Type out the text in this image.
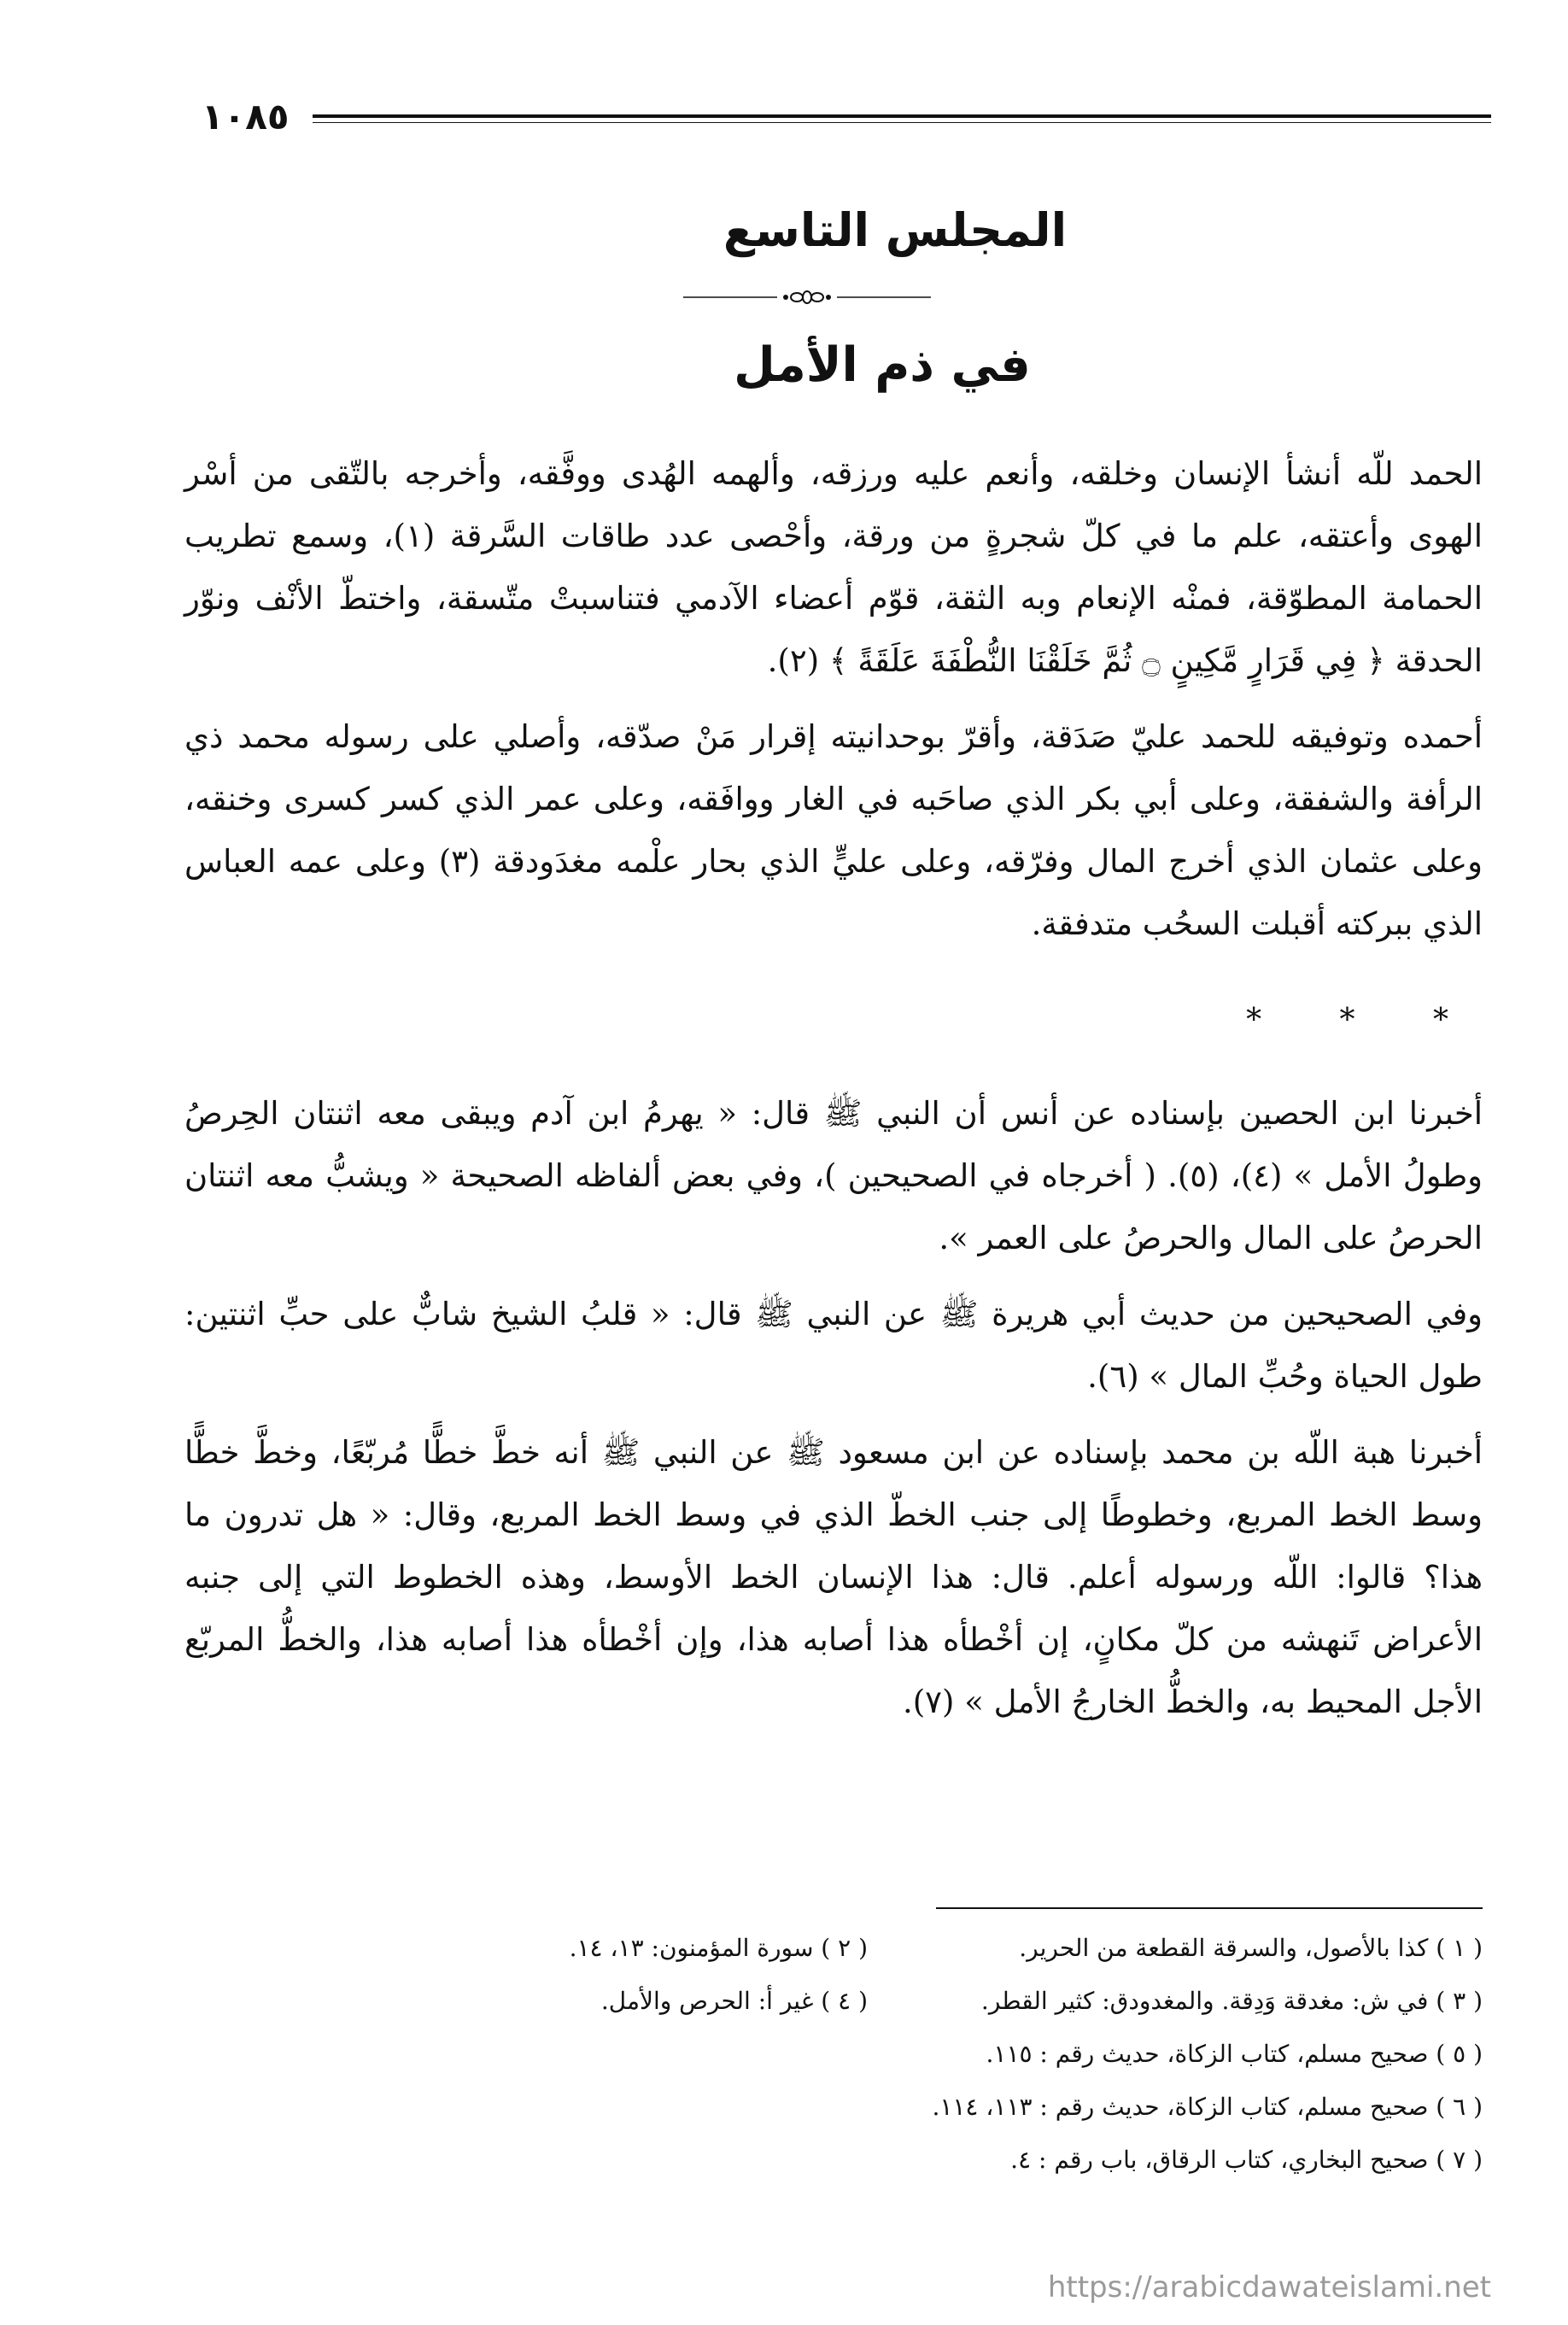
١٠٨٥
المجلس التاسع
في ذم الأمل

الحمد للّه أنشأ الإنسان وخلقه، وأنعم عليه ورزقه، وألهمه الهُدى ووفَّقه، وأخرجه بالتّقى من أسْر الهوى وأعتقه، علم ما في كلّ شجرةٍ من ورقة، وأحْصى عدد طاقات السَّرقة (١)، وسمع تطريب الحمامة المطوّقة، فمنْه الإنعام وبه الثقة، قوّم أعضاء الآدمي فتناسبتْ متّسقة، واختطّ الأنْف ونوّر الحدقة ﴿ فِي قَرَارٍ مَّكِينٍ ۝ ثُمَّ خَلَقْنَا النُّطْفَةَ عَلَقَةً ﴾ (٢).

أحمده وتوفيقه للحمد عليّ صَدَقة، وأقرّ بوحدانيته إقرار مَنْ صدّقه، وأصلي على رسوله محمد ذي الرأفة والشفقة، وعلى أبي بكر الذي صاحَبه في الغار ووافَقه، وعلى عمر الذي كسر كسرى وخنقه، وعلى عثمان الذي أخرج المال وفرّقه، وعلى عليٍّ الذي بحار علْمه مغدَودقة (٣) وعلى عمه العباس الذي ببركته أقبلت السحُب متدفقة.

* * *

أخبرنا ابن الحصين بإسناده عن أنس أن النبي ﷺ قال: « يهرمُ ابن آدم ويبقى معه اثنتان الحِرصُ وطولُ الأمل » (٤)، (٥). ( أخرجاه في الصحيحين )، وفي بعض ألفاظه الصحيحة « ويشبُّ معه اثنتان الحرصُ على المال والحرصُ على العمر ».

وفي الصحيحين من حديث أبي هريرة ﷺ عن النبي ﷺ قال: « قلبُ الشيخ شابٌّ على حبِّ اثنتين: طول الحياة وحُبِّ المال » (٦).

أخبرنا هبة اللّه بن محمد بإسناده عن ابن مسعود ﷺ عن النبي ﷺ أنه خطَّ خطًّا مُربّعًا، وخطَّ خطًّا وسط الخط المربع، وخطوطًا إلى جنب الخطّ الذي في وسط الخط المربع، وقال: « هل تدرون ما هذا؟ قالوا: اللّه ورسوله أعلم. قال: هذا الإنسان الخط الأوسط، وهذه الخطوط التي إلى جنبه الأعراض تَنهشه من كلّ مكانٍ، إن أخْطأه هذا أصابه هذا، وإن أخْطأه هذا أصابه هذا، والخطُّ المربّع الأجل المحيط به، والخطُّ الخارجُ الأمل » (٧).

( ١ ) كذا بالأصول، والسرقة القطعة من الحرير.
( ٢ ) سورة المؤمنون: ١٣، ١٤.
( ٣ ) في ش: مغدقة وَدِقة. والمغدودق: كثير القطر.
( ٤ ) غير أ: الحرص والأمل.
( ٥ ) صحيح مسلم، كتاب الزكاة، حديث رقم : ١١٥.
( ٦ ) صحيح مسلم، كتاب الزكاة، حديث رقم : ١١٣، ١١٤.
( ٧ ) صحيح البخاري، كتاب الرقاق، باب رقم : ٤.
https://arabicdawateislami.net
